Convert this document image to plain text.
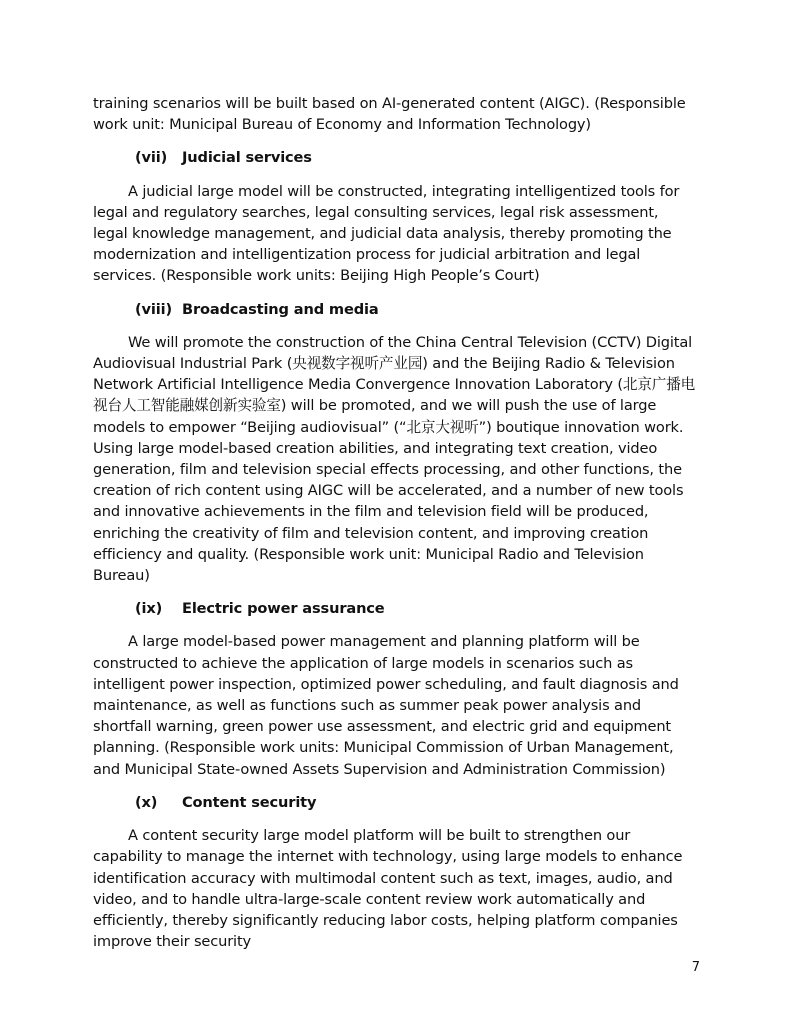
training scenarios will be built based on AI-generated content (AIGC). (Responsible work unit: Municipal Bureau of Economy and Information Technology)

(vii)	Judicial services

A judicial large model will be constructed, integrating intelligentized tools for legal and regulatory searches, legal consulting services, legal risk assessment, legal knowledge management, and judicial data analysis, thereby promoting the modernization and intelligentization process for judicial arbitration and legal services. (Responsible work units: Beijing High People’s Court)

(viii) Broadcasting and media

We will promote the construction of the China Central Television (CCTV) Digital Audiovisual Industrial Park (央视数字视听产业园) and the Beijing Radio & Television Network Artificial Intelligence Media Convergence Innovation Laboratory (北京广播电视台人工智能融媒创新实验室) will be promoted, and we will push the use of large models to empower “Beijing audiovisual” (“北京大视听”) boutique innovation work. Using large model-based creation abilities, and integrating text creation, video generation, film and television special effects processing, and other functions, the creation of rich content using AIGC will be accelerated, and a number of new tools and innovative achievements in the film and television field will be produced, enriching the creativity of film and television content, and improving creation efficiency and quality. (Responsible work unit: Municipal Radio and Television Bureau)

(ix)	Electric power assurance

A large model-based power management and planning platform will be constructed to achieve the application of large models in scenarios such as intelligent power inspection, optimized power scheduling, and fault diagnosis and maintenance, as well as functions such as summer peak power analysis and shortfall warning, green power use assessment, and electric grid and equipment planning. (Responsible work units: Municipal Commission of Urban Management, and Municipal State-owned Assets Supervision and Administration Commission)

(x)	Content security

A content security large model platform will be built to strengthen our capability to manage the internet with technology, using large models to enhance identification accuracy with multimodal content such as text, images, audio, and video, and to handle ultra-large-scale content review work automatically and efficiently, thereby significantly reducing labor costs, helping platform companies improve their security

7
